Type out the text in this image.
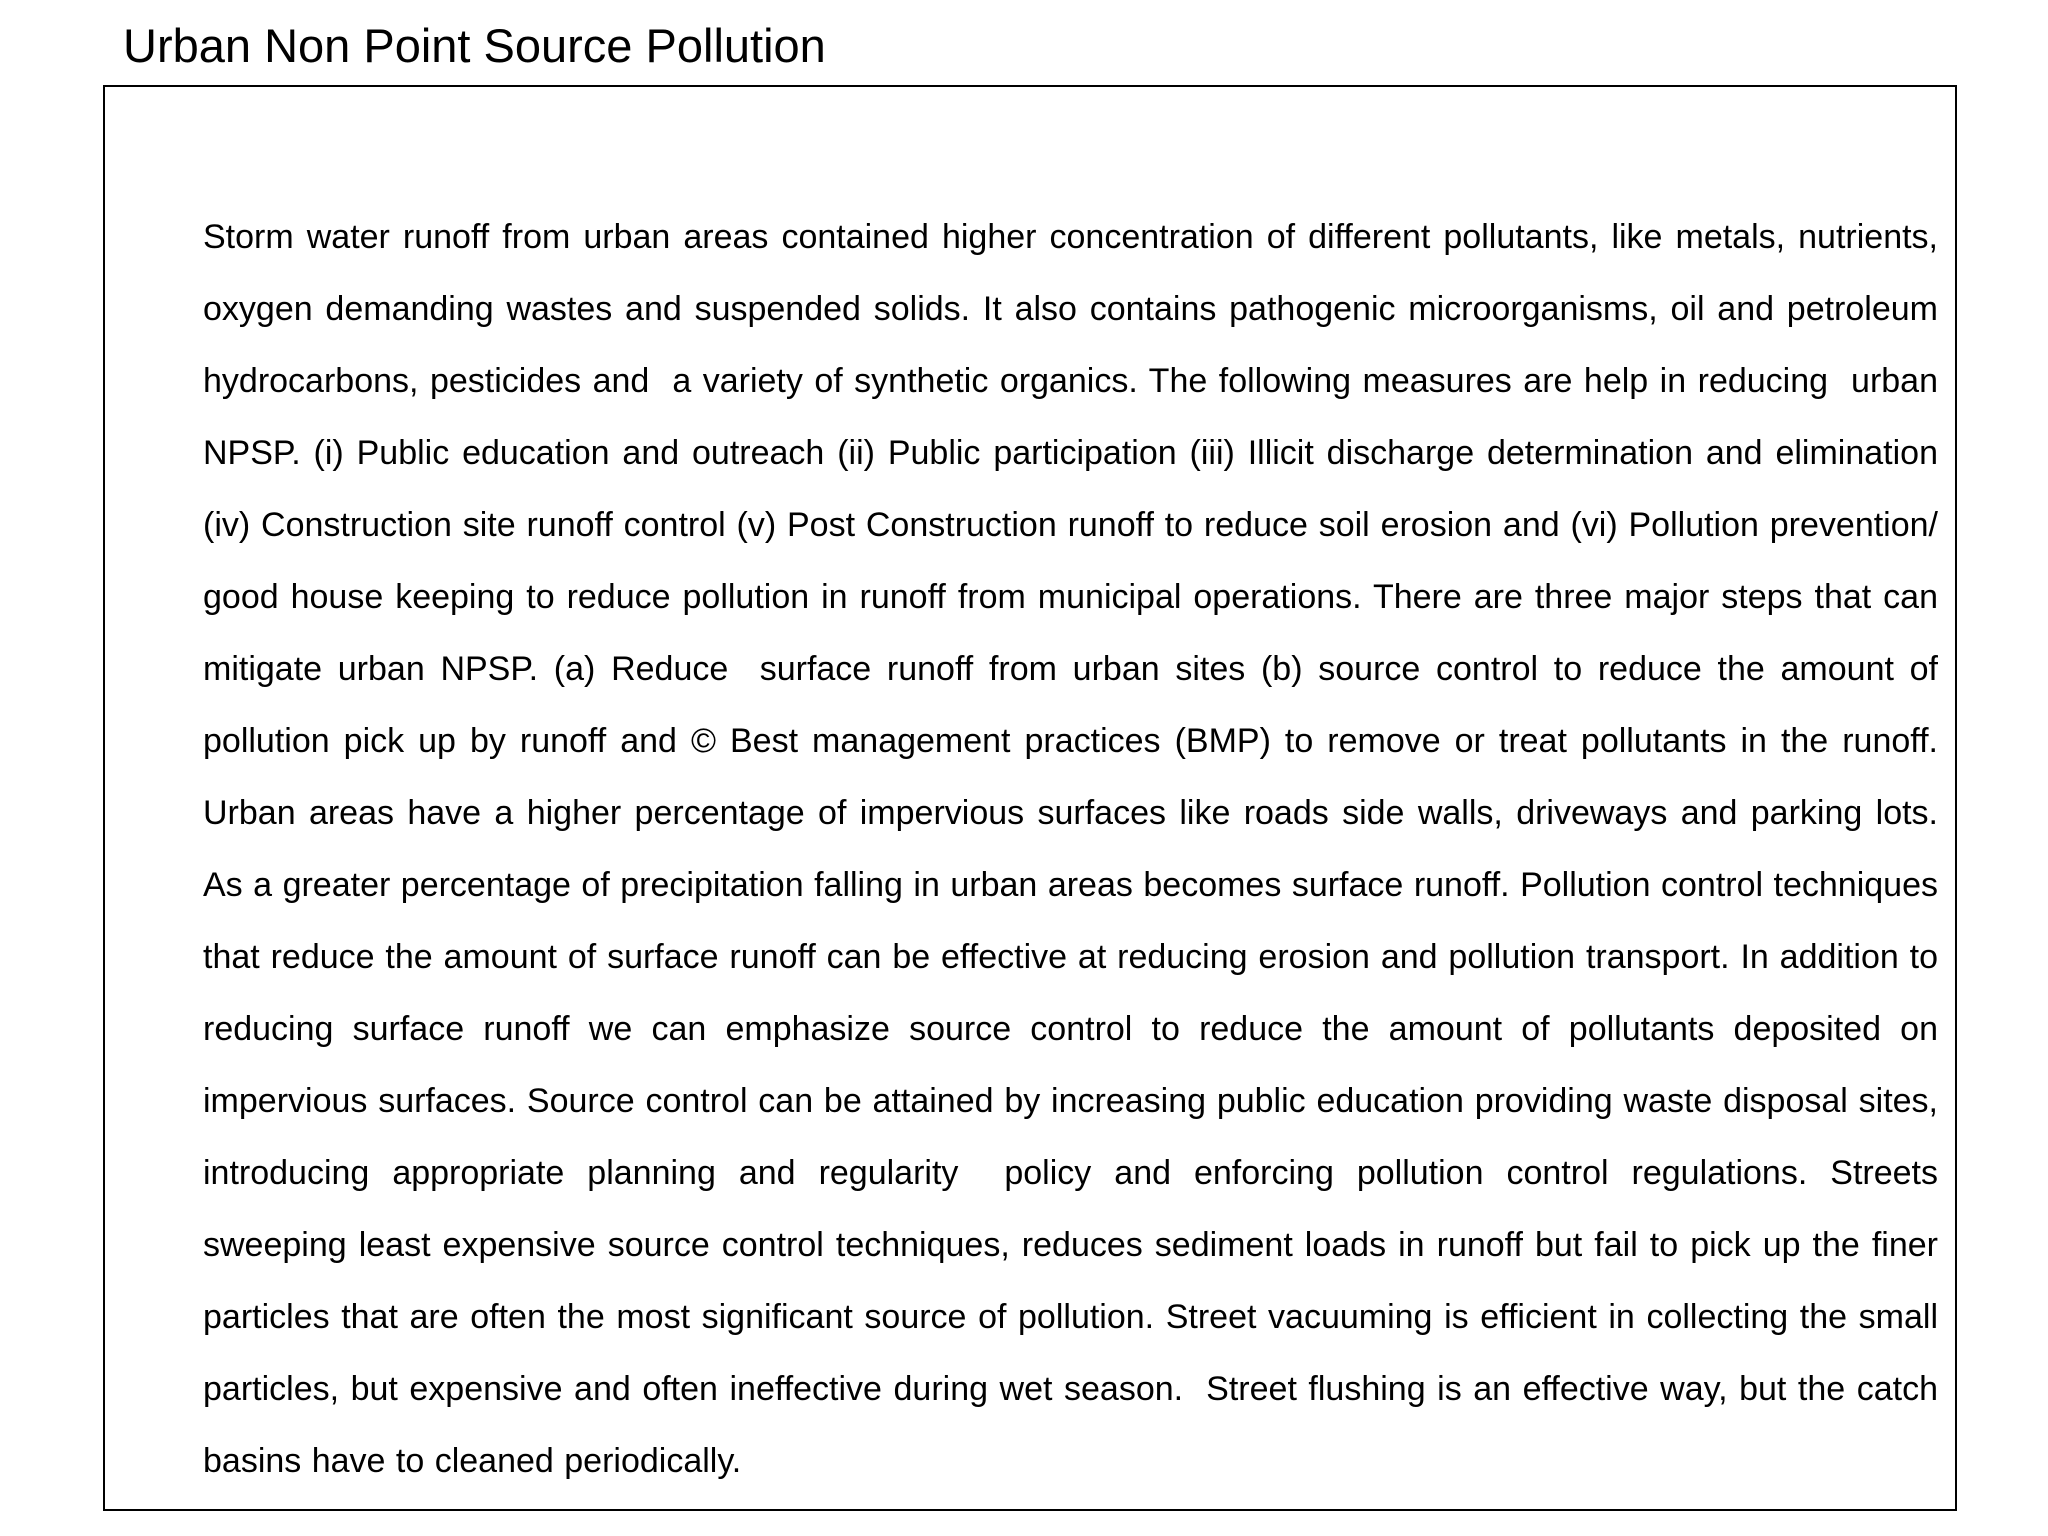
Urban Non Point Source Pollution

Storm water runoff from urban areas contained higher concentration of different pollutants, like metals, nutrients, oxygen demanding wastes and suspended solids. It also contains pathogenic microorganisms, oil and petroleum hydrocarbons, pesticides and  a variety of synthetic organics. The following measures are help in reducing  urban NPSP. (i) Public education and outreach (ii) Public participation (iii) Illicit discharge determination and elimination (iv) Construction site runoff control (v) Post Construction runoff to reduce soil erosion and (vi) Pollution prevention/ good house keeping to reduce pollution in runoff from municipal operations. There are three major steps that can mitigate urban NPSP. (a) Reduce  surface runoff from urban sites (b) source control to reduce the amount of pollution pick up by runoff and © Best management practices (BMP) to remove or treat pollutants in the runoff. Urban areas have a higher percentage of impervious surfaces like roads side walls, driveways and parking lots. As a greater percentage of precipitation falling in urban areas becomes surface runoff. Pollution control techniques that reduce the amount of surface runoff can be effective at reducing erosion and pollution transport. In addition to reducing surface runoff we can emphasize source control to reduce the amount of pollutants deposited on impervious surfaces. Source control can be attained by increasing public education providing waste disposal sites, introducing appropriate planning and regularity  policy and enforcing pollution control regulations. Streets sweeping least expensive source control techniques, reduces sediment loads in runoff but fail to pick up the finer particles that are often the most significant source of pollution. Street vacuuming is efficient in collecting the small particles, but expensive and often ineffective during wet season.  Street flushing is an effective way, but the catch basins have to cleaned periodically.
